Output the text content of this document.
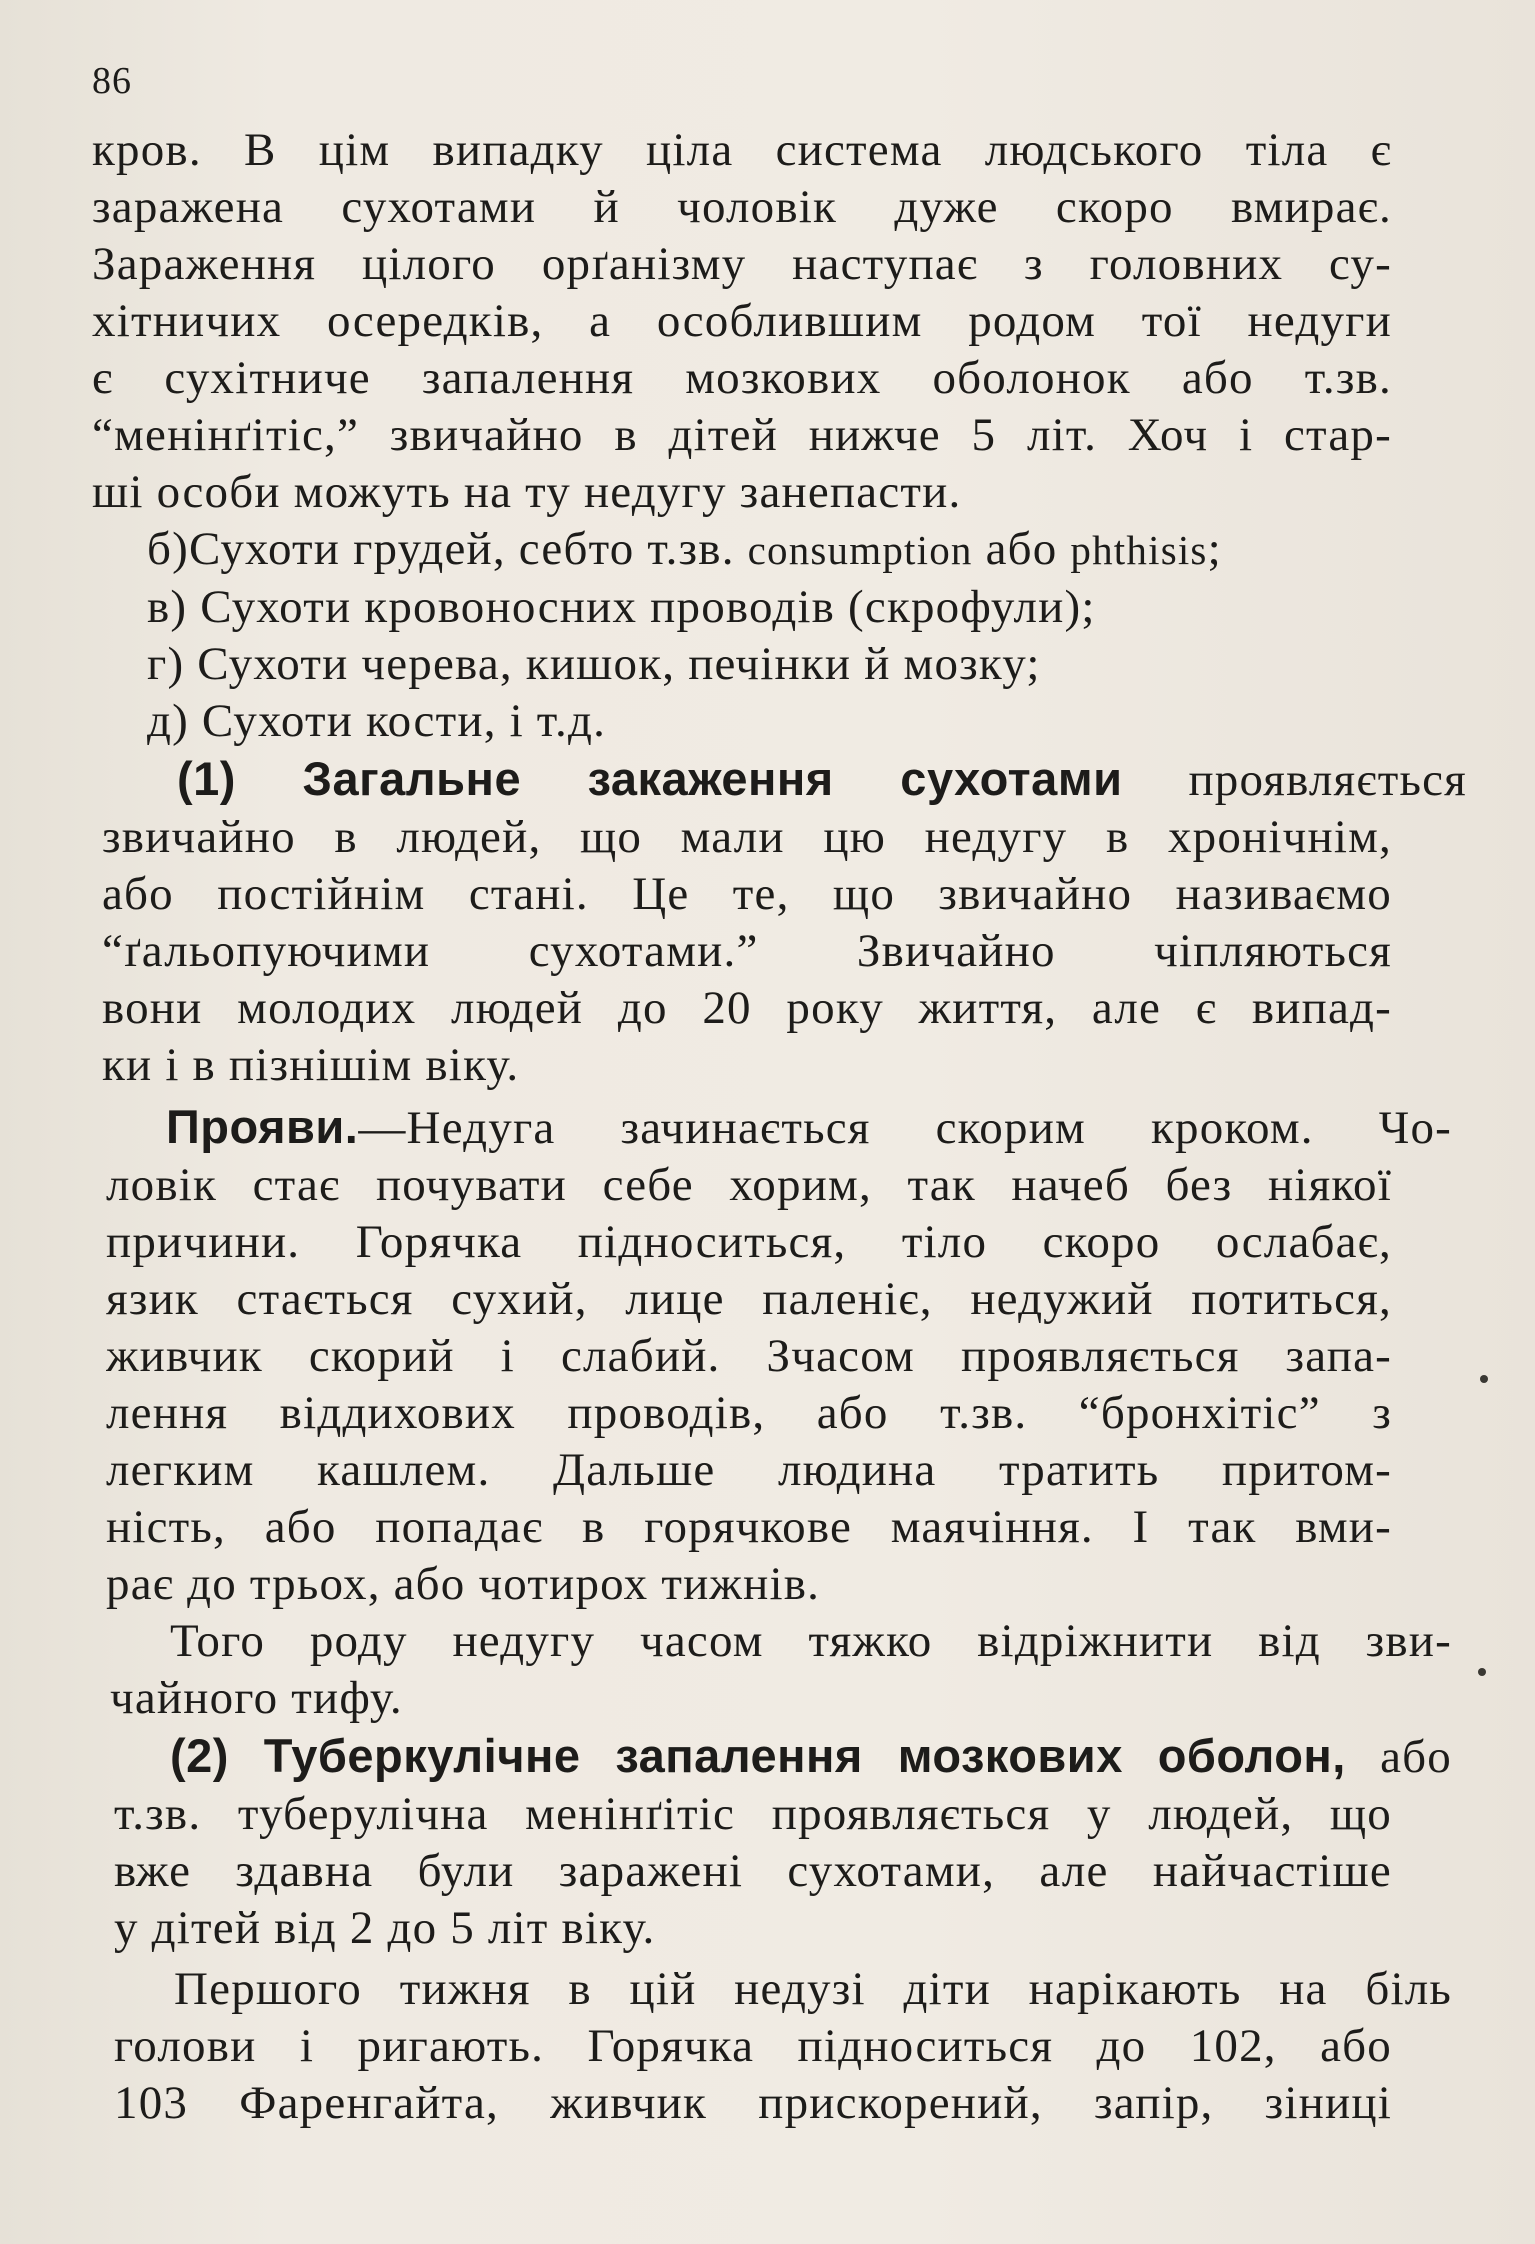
86
кров. В цім випадку ціла система людського тіла є
заражена сухотами й чоловік дуже скоро вмирає.
Зараження цілого орґанізму наступає з головних су-
хітничих осередків, а особлившим родом тої недуги
є сухітниче запалення мозкових оболонок або т.зв.
“менінґітіс,” звичайно в дітей нижче 5 літ. Хоч і стар-
ші особи можуть на ту недугу занепасти.
б)Сухоти грудей, себто т.зв. consumption або phthisis;
в) Сухоти кровоносних проводів (скрофули);
г) Сухоти черева, кишок, печінки й мозку;
д) Сухоти кости, і т.д.
(1) Загальне закаження сухотами проявляється
звичайно в людей, що мали цю недугу в хронічнім,
або постійнім стані. Це те, що звичайно називаємо
“ґальопуючими сухотами.” Звичайно чіпляються
вони молодих людей до 20 року життя, але є випад-
ки і в пізнішім віку.
Прояви.—Недуга зачинається скорим кроком. Чо-
ловік стає почувати себе хорим, так начеб без ніякої
причини. Горячка підноситься, тіло скоро ослабає,
язик стається сухий, лице паленіє, недужий потиться,
живчик скорий і слабий. Зчасом проявляється запа-
лення віддихових проводів, або т.зв. “бронхітіс” з
легким кашлем. Дальше людина тратить притом-
ність, або попадає в горячкове маячіння. І так вми-
рає до трьох, або чотирох тижнів.
Того роду недугу часом тяжко відріжнити від зви-
чайного тифу.
(2) Туберкулічне запалення мозкових оболон, або
т.зв. туберулічна менінґітіс проявляється у людей, що
вже здавна були заражені сухотами, але найчастіше
у дітей від 2 до 5 літ віку.
Першого тижня в цій недузі діти нарікають на біль
голови і ригають. Горячка підноситься до 102, або
103 Фаренгайта, живчик прискорений, запір, зіниці
